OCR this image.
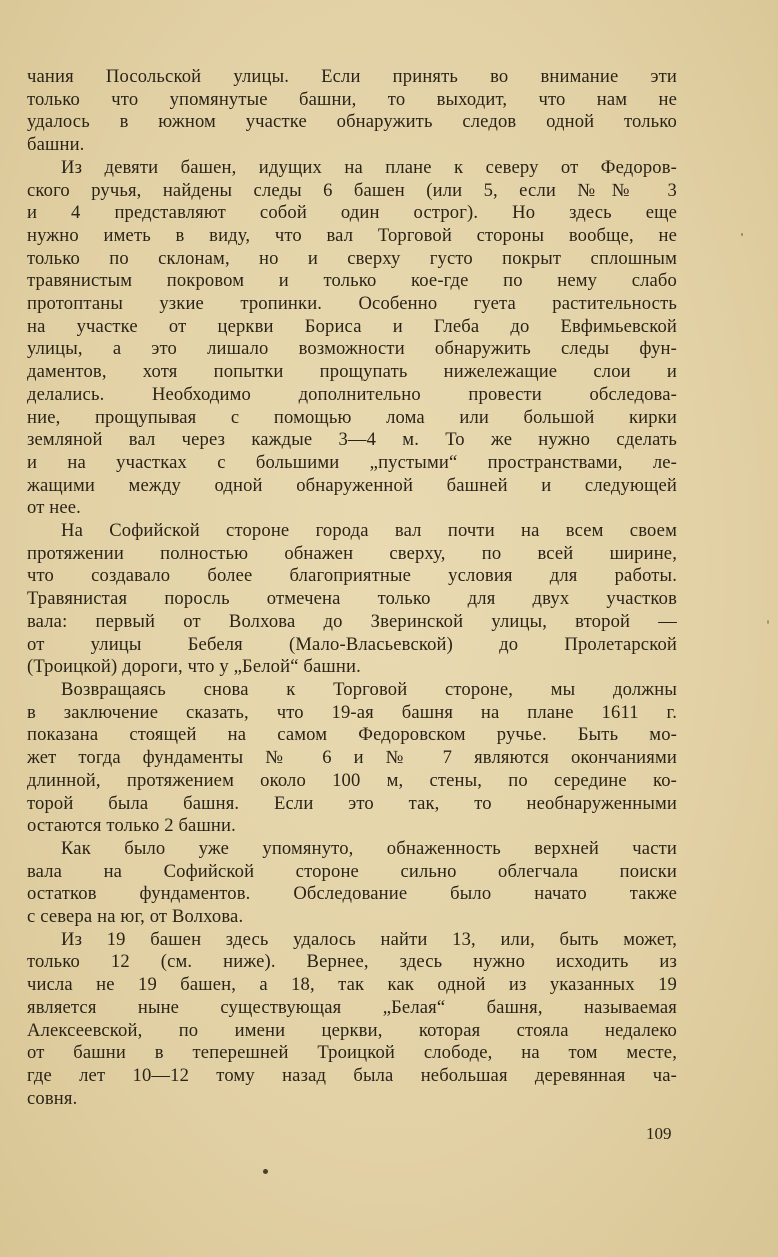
чания Посольской улицы. Если принять во внимание эти
только что упомянутые башни, то выходит, что нам не
удалось в южном участке обнаружить следов одной только
башни.

Из девяти башен, идущих на плане к северу от Федоров-
ского ручья, найдены следы 6 башен (или 5, если №№ 3
и 4 представляют собой один острог). Но здесь еще
нужно иметь в виду, что вал Торговой стороны вообще, не
только по склонам, но и сверху густо покрыт сплошным
травянистым покровом и только кое-где по нему слабо
протоптаны узкие тропинки. Особенно гуета растительность
на участке от церкви Бориса и Глеба до Евфимьевской
улицы, а это лишало возможности обнаружить следы фун-
даментов, хотя попытки прощупать нижележащие слои и
делались. Необходимо дополнительно провести обследова-
ние, прощупывая с помощью лома или большой кирки
земляной вал через каждые 3—4 м. То же нужно сделать
и на участках с большими „пустыми“ пространствами, ле-
жащими между одной обнаруженной башней и следующей
от нее.

На Софийской стороне города вал почти на всем своем
протяжении полностью обнажен сверху, по всей ширине,
что создавало более благоприятные условия для работы.
Травянистая поросль отмечена только для двух участков
вала: первый от Волхова до Зверинской улицы, второй —
от улицы Бебеля (Мало-Власьевской) до Пролетарской
(Троицкой) дороги, что у „Белой“ башни.

Возвращаясь снова к Торговой стороне, мы должны
в заключение сказать, что 19-ая башня на плане 1611 г.
показана стоящей на самом Федоровском ручье. Быть мо-
жет тогда фундаменты № 6 и № 7 являются окончаниями
длинной, протяжением около 100 м, стены, по середине ко-
торой была башня. Если это так, то необнаруженными
остаются только 2 башни.

Как было уже упомянуто, обнаженность верхней части
вала на Софийской стороне сильно облегчала поиски
остатков фундаментов. Обследование было начато также
с севера на юг, от Волхова.

Из 19 башен здесь удалось найти 13, или, быть может,
только 12 (см. ниже). Вернее, здесь нужно исходить из
числа не 19 башен, а 18, так как одной из указанных 19
является ныне существующая „Белая“ башня, называемая
Алексеевской, по имени церкви, которая стояла недалеко
от башни в теперешней Троицкой слободе, на том месте,
где лет 10—12 тому назад была небольшая деревянная ча-
совня.

109
